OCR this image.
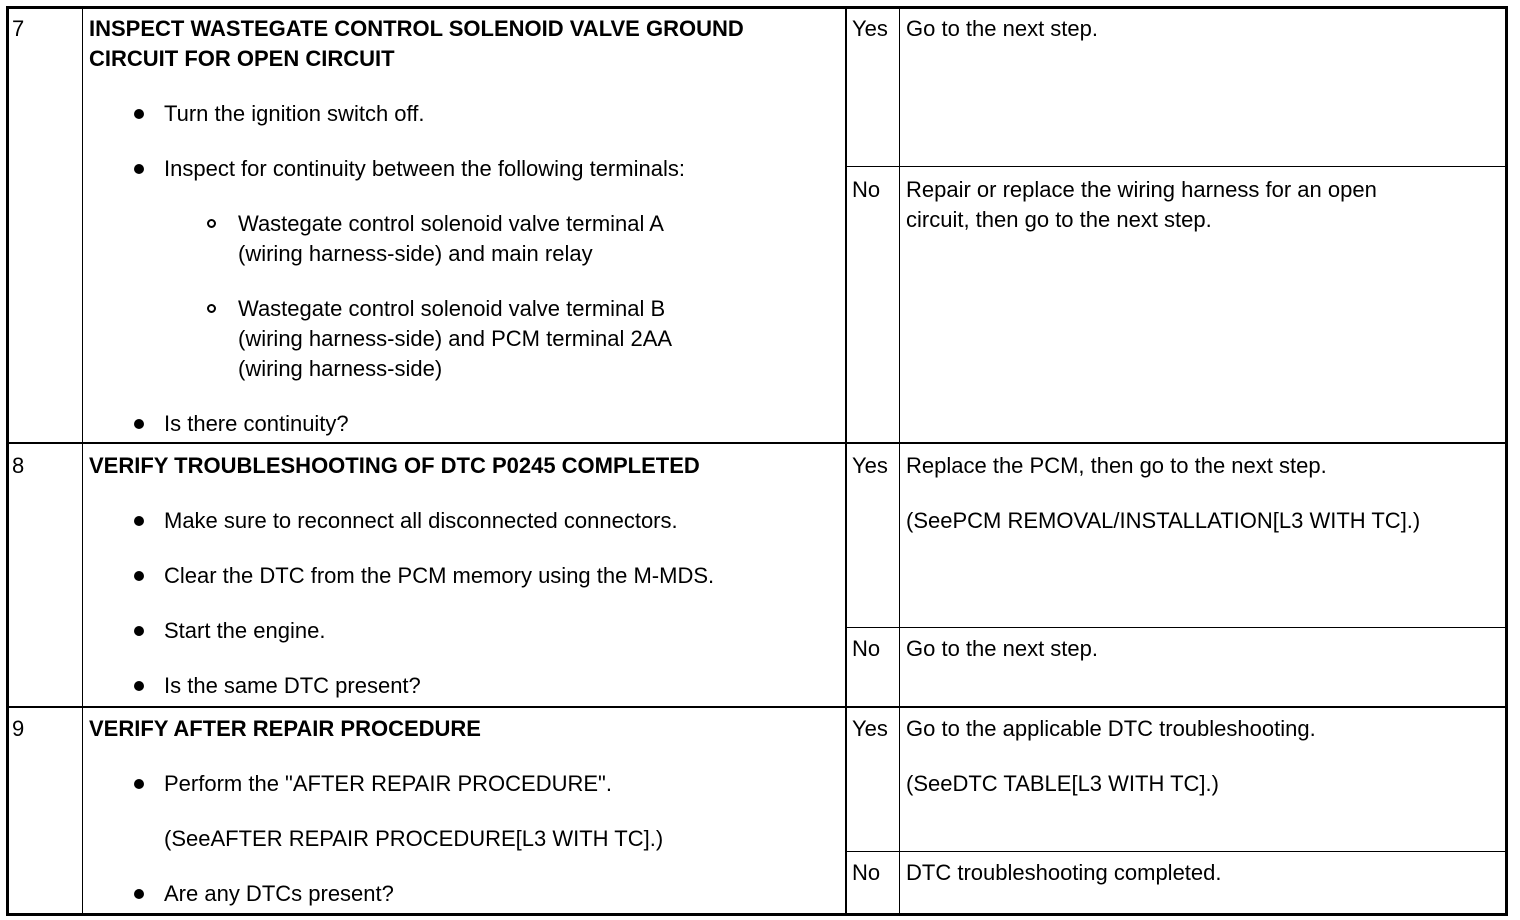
7	INSPECT WASTEGATE CONTROL SOLENOID VALVE GROUND
CIRCUIT FOR OPEN CIRCUIT
Turn the ignition switch off.
Inspect for continuity between the following terminals:
Wastegate control solenoid valve terminal A
(wiring harness-side) and main relay
Wastegate control solenoid valve terminal B
(wiring harness-side) and PCM terminal 2AA
(wiring harness-side)
Is there continuity?
Yes Go to the next step.
No Repair or replace the wiring harness for an open
circuit, then go to the next step.
8	VERIFY TROUBLESHOOTING OF DTC P0245 COMPLETED
Make sure to reconnect all disconnected connectors.
Clear the DTC from the PCM memory using the M-MDS.
Start the engine.
Is the same DTC present?
Yes Replace the PCM, then go to the next step.
(SeePCM REMOVAL/INSTALLATION[L3 WITH TC].)
No Go to the next step.
9	VERIFY AFTER REPAIR PROCEDURE
Perform the "AFTER REPAIR PROCEDURE".
(SeeAFTER REPAIR PROCEDURE[L3 WITH TC].)
Are any DTCs present?
Yes Go to the applicable DTC troubleshooting.
(SeeDTC TABLE[L3 WITH TC].)
No DTC troubleshooting completed.
